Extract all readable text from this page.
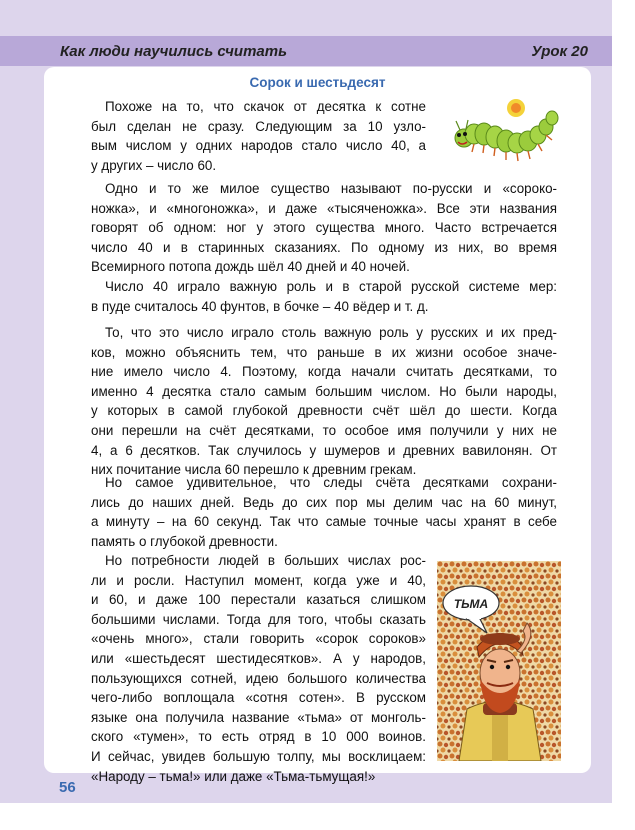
Как люди научились считать	Урок 20
Сорок и шестьдесят
Похоже на то, что скачок от десятка к сотне
был сделан не сразу. Следующим за 10 узло-
вым числом у одних народов стало число 40, а
у других – число 60.
Одно и то же милое существо называют по-русски и «сороко-
ножка», и «многоножка», и даже «тысяченожка». Все эти названия
говорят об одном: ног у этого существа много. Часто встречается
число 40 и в старинных сказаниях. По одному из них, во время
Всемирного потопа дождь шёл 40 дней и 40 ночей.
Число 40 играло важную роль и в старой русской системе мер:
в пуде считалось 40 фунтов, в бочке – 40 вёдер и т. д.
То, что это число играло столь важную роль у русских и их пред-
ков, можно объяснить тем, что раньше в их жизни особое значе-
ние имело число 4. Поэтому, когда начали считать десятками, то
именно 4 десятка стало самым большим числом. Но были народы,
у которых в самой глубокой древности счёт шёл до шести. Когда
они перешли на счёт десятками, то особое имя получили у них не
4, а 6 десятков. Так случилось у шумеров и древних вавилонян. От
них почитание числа 60 перешло к древним грекам.
Но самое удивительное, что следы счёта десятками сохрани-
лись до наших дней. Ведь до сих пор мы делим час на 60 минут,
а минуту – на 60 секунд. Так что самые точные часы хранят в себе
память о глубокой древности.
Но потребности людей в больших числах рос-
ли и росли. Наступил момент, когда уже и 40,
и 60, и даже 100 перестали казаться слишком
большими числами. Тогда для того, чтобы сказать
«очень много», стали говорить «сорок сороков»
или «шестьдесят шестидесятков». А у народов,
пользующихся сотней, идею большого количества
чего-либо воплощала «сотня сотен». В русском
языке она получила название «тьма» от монголь-
ского «тумен», то есть отряд в 10 000 воинов.
И сейчас, увидев большую толпу, мы восклицаем:
«Народу – тьма!» или даже «Тьма-тьмущая!»
ТЬМА
56
